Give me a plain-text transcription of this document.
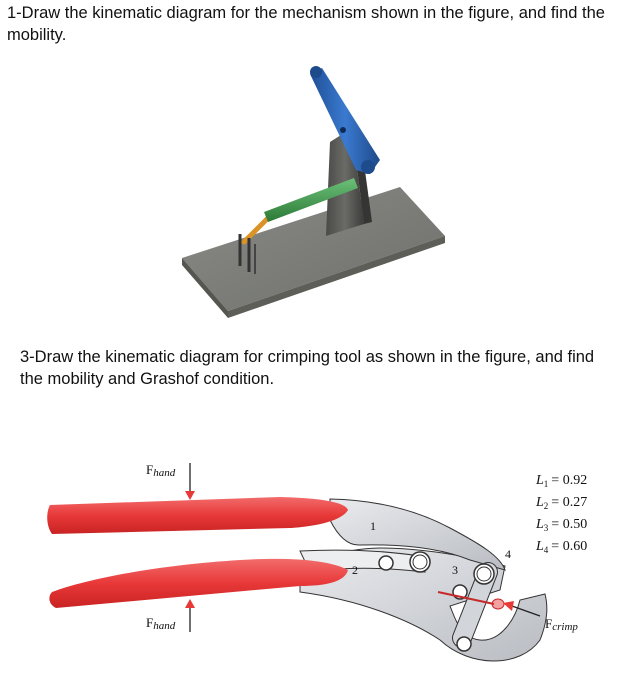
1-Draw the kinematic diagram for the mechanism shown in the figure, and find the mobility.
3-Draw the kinematic diagram for crimping tool as shown in the figure, and find the mobility and Grashof condition.
Fhand
Fhand	Fcrimp
1
2	3
4
$L_1 = 0.92$
$L_2 = 0.27$
$L_3 = 0.50$
$L_4 = 0.60$
